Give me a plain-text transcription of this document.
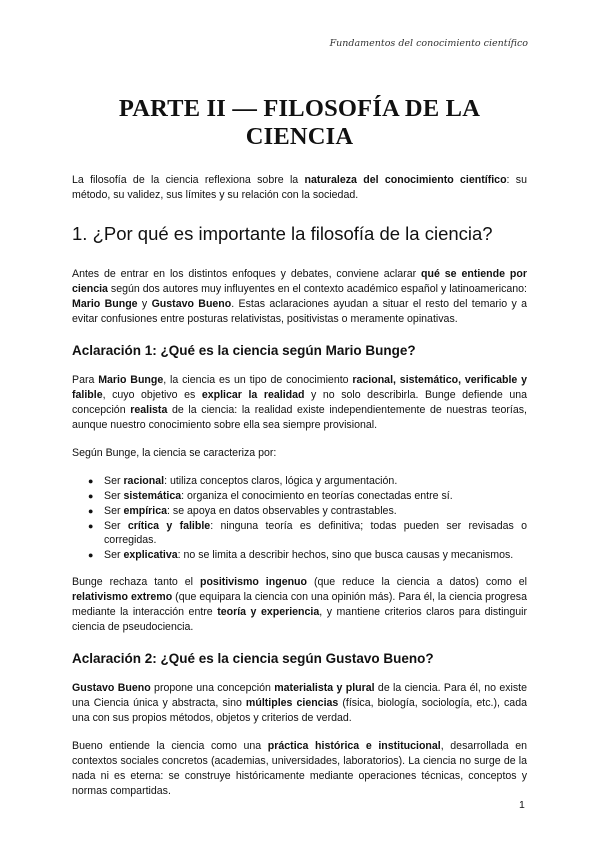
Fundamentos del conocimiento científico
PARTE II — FILOSOFÍA DE LA CIENCIA

La filosofía de la ciencia reflexiona sobre la naturaleza del conocimiento científico: su método, su validez, sus límites y su relación con la sociedad.

1. ¿Por qué es importante la filosofía de la ciencia?

Antes de entrar en los distintos enfoques y debates, conviene aclarar qué se entiende por ciencia según dos autores muy influyentes en el contexto académico español y latinoamericano: Mario Bunge y Gustavo Bueno. Estas aclaraciones ayudan a situar el resto del temario y a evitar confusiones entre posturas relativistas, positivistas o meramente opinativas.

Aclaración 1: ¿Qué es la ciencia según Mario Bunge?

Para Mario Bunge, la ciencia es un tipo de conocimiento racional, sistemático, verificable y falible, cuyo objetivo es explicar la realidad y no solo describirla. Bunge defiende una concepción realista de la ciencia: la realidad existe independientemente de nuestras teorías, aunque nuestro conocimiento sobre ella sea siempre provisional.

Según Bunge, la ciencia se caracteriza por:

● Ser racional: utiliza conceptos claros, lógica y argumentación.
● Ser sistemática: organiza el conocimiento en teorías conectadas entre sí.
● Ser empírica: se apoya en datos observables y contrastables.
● Ser crítica y falible: ninguna teoría es definitiva; todas pueden ser revisadas o corregidas.
● Ser explicativa: no se limita a describir hechos, sino que busca causas y mecanismos.

Bunge rechaza tanto el positivismo ingenuo (que reduce la ciencia a datos) como el relativismo extremo (que equipara la ciencia con una opinión más). Para él, la ciencia progresa mediante la interacción entre teoría y experiencia, y mantiene criterios claros para distinguir ciencia de pseudociencia.

Aclaración 2: ¿Qué es la ciencia según Gustavo Bueno?

Gustavo Bueno propone una concepción materialista y plural de la ciencia. Para él, no existe una Ciencia única y abstracta, sino múltiples ciencias (física, biología, sociología, etc.), cada una con sus propios métodos, objetos y criterios de verdad.

Bueno entiende la ciencia como una práctica histórica e institucional, desarrollada en contextos sociales concretos (academias, universidades, laboratorios). La ciencia no surge de la nada ni es eterna: se construye históricamente mediante operaciones técnicas, conceptos y normas compartidas.

1
